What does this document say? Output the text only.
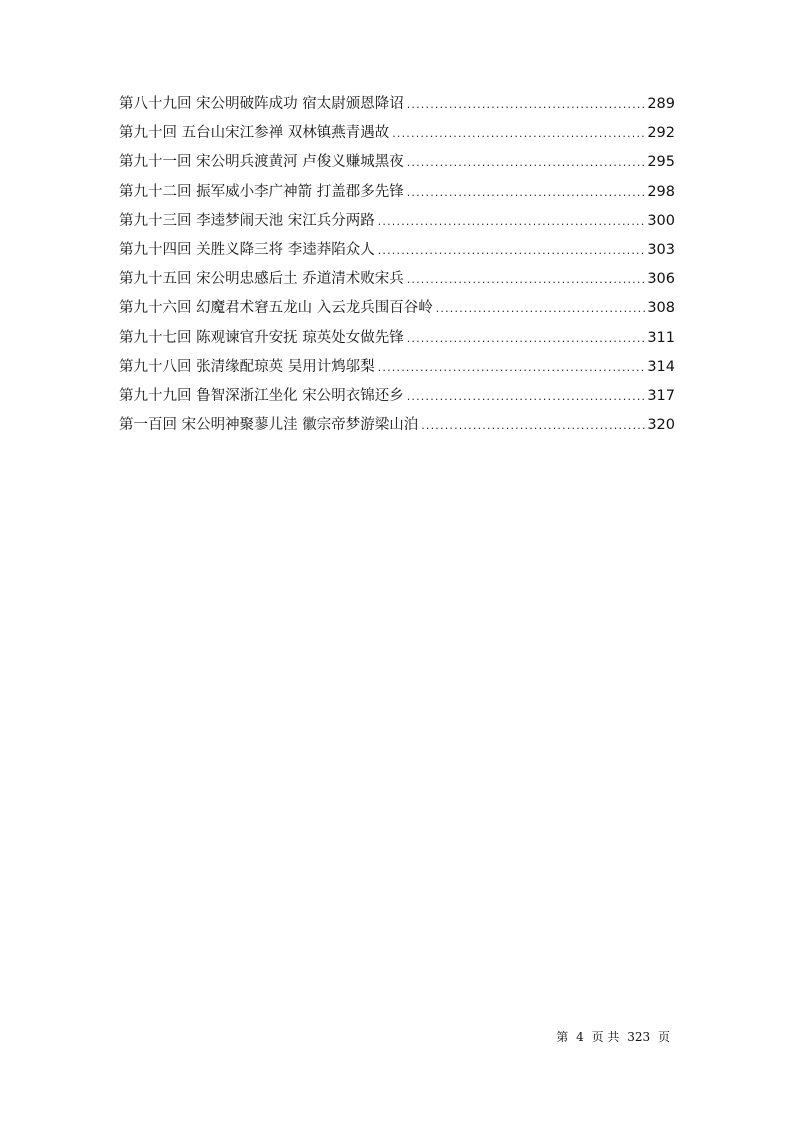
第八十九回 宋公明破阵成功 宿太尉颁恩降诏 .....	289
第九十回 五台山宋江参禅 双林镇燕青遇故 .....	292
第九十一回 宋公明兵渡黄河 卢俊义赚城黑夜 .....	295
第九十二回 振军威小李广神箭 打盖郡多先锋 .....	298
第九十三回 李逵梦闹天池 宋江兵分两路 .....	300
第九十四回 关胜义降三将 李逵莽陷众人 .....	303
第九十五回 宋公明忠感后土 乔道清术败宋兵 .....	306
第九十六回 幻魔君术窘五龙山 入云龙兵围百谷岭 .....	308
第九十七回 陈观谏官升安抚 琼英处女做先锋 .....	311
第九十八回 张清缘配琼英 吴用计鸩邬梨 .....	314
第九十九回 鲁智深浙江坐化 宋公明衣锦还乡 .....	317
第一百回 宋公明神聚蓼儿洼 徽宗帝梦游梁山泊 .....	320
第 4 页 共 323 页
